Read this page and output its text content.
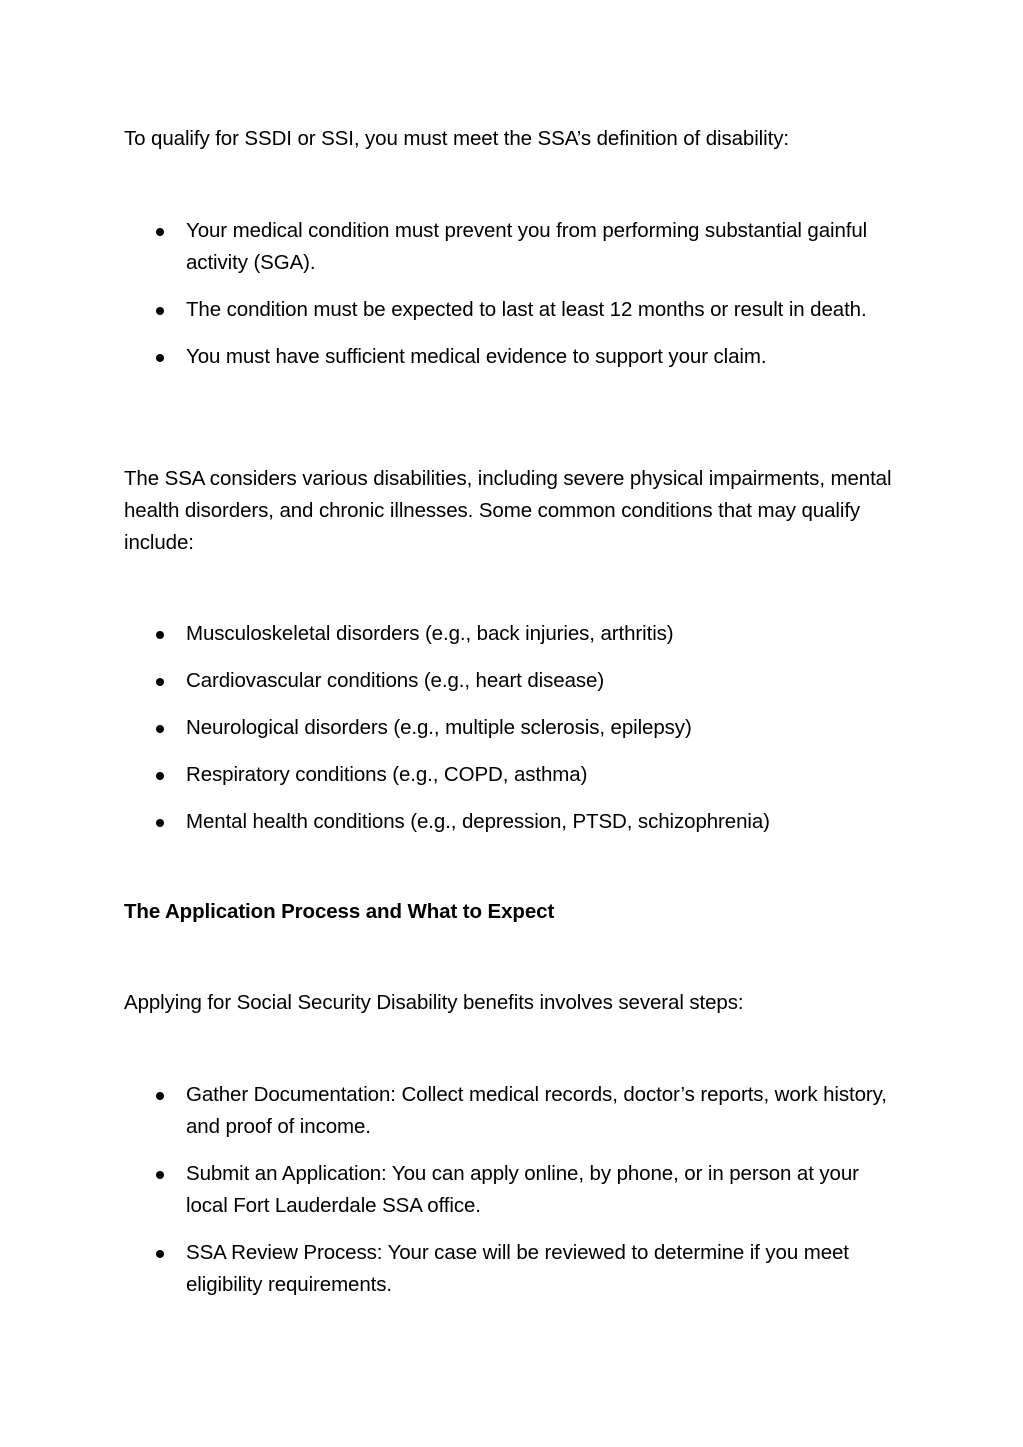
To qualify for SSDI or SSI, you must meet the SSA’s definition of disability:

Your medical condition must prevent you from performing substantial gainful activity (SGA).
The condition must be expected to last at least 12 months or result in death.
You must have sufficient medical evidence to support your claim.

The SSA considers various disabilities, including severe physical impairments, mental health disorders, and chronic illnesses. Some common conditions that may qualify include:

Musculoskeletal disorders (e.g., back injuries, arthritis)
Cardiovascular conditions (e.g., heart disease)
Neurological disorders (e.g., multiple sclerosis, epilepsy)
Respiratory conditions (e.g., COPD, asthma)
Mental health conditions (e.g., depression, PTSD, schizophrenia)

The Application Process and What to Expect

Applying for Social Security Disability benefits involves several steps:

Gather Documentation: Collect medical records, doctor’s reports, work history, and proof of income.
Submit an Application: You can apply online, by phone, or in person at your local Fort Lauderdale SSA office.
SSA Review Process: Your case will be reviewed to determine if you meet eligibility requirements.
